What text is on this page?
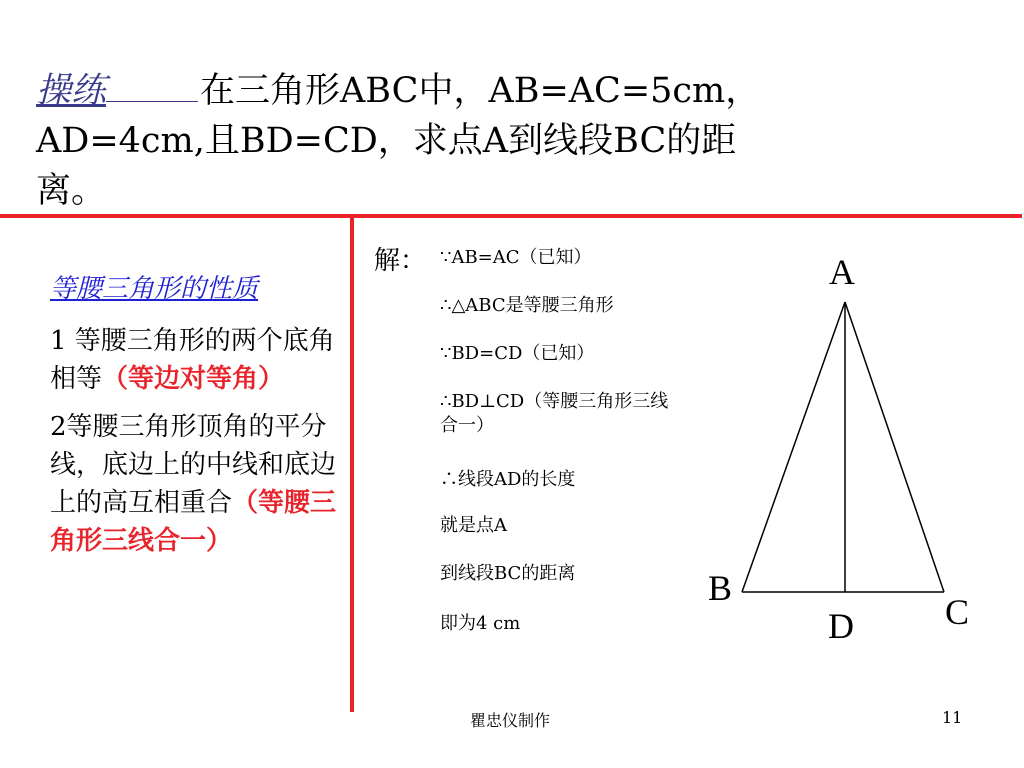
操练	在三角形ABC中，AB=AC=5cm，
AD=4cm,且BD=CD，求点A到线段BC的距
离。
等腰三角形的性质

1 等腰三角形的两个底角相等（等边对等角）

2等腰三角形顶角的平分线，底边上的中线和底边上的高互相重合（等腰三角形三线合一）

解： ∵AB=AC（已知）
∴△ABC是等腰三角形
∵BD=CD（已知）
∴BD⊥CD（等腰三角形三线合一）
∴线段AD的长度
就是点A
到线段BC的距离
即为4 cm
A
B
C
D
瞿忠仪制作	11
